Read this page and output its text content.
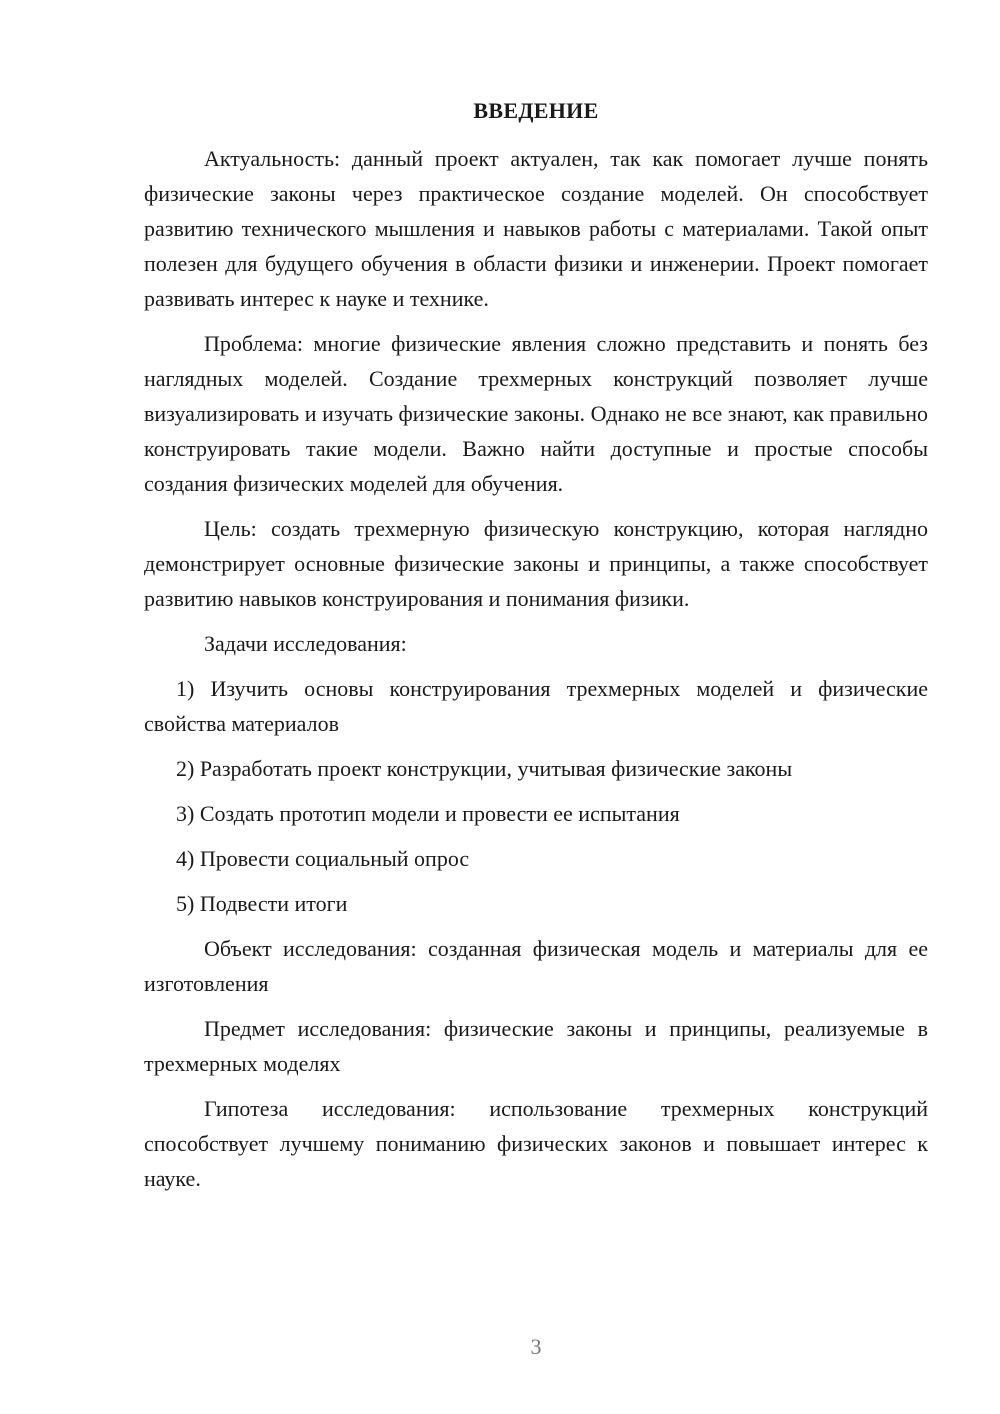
ВВЕДЕНИЕ

Актуальность: данный проект актуален, так как помогает лучше понять физические законы через практическое создание моделей. Он способствует развитию технического мышления и навыков работы с материалами. Такой опыт полезен для будущего обучения в области физики и инженерии. Проект помогает развивать интерес к науке и технике.

Проблема: многие физические явления сложно представить и понять без наглядных моделей. Создание трехмерных конструкций позволяет лучше визуализировать и изучать физические законы. Однако не все знают, как правильно конструировать такие модели. Важно найти доступные и простые способы создания физических моделей для обучения.

Цель: создать трехмерную физическую конструкцию, которая наглядно демонстрирует основные физические законы и принципы, а также способствует развитию навыков конструирования и понимания физики.

Задачи исследования:

1) Изучить основы конструирования трехмерных моделей и физические свойства материалов

2) Разработать проект конструкции, учитывая физические законы

3) Создать прототип модели и провести ее испытания

4) Провести социальный опрос

5) Подвести итоги

Объект исследования: созданная физическая модель и материалы для ее изготовления

Предмет исследования: физические законы и принципы, реализуемые в трехмерных моделях

Гипотеза исследования: использование трехмерных конструкций способствует лучшему пониманию физических законов и повышает интерес к науке.

3
